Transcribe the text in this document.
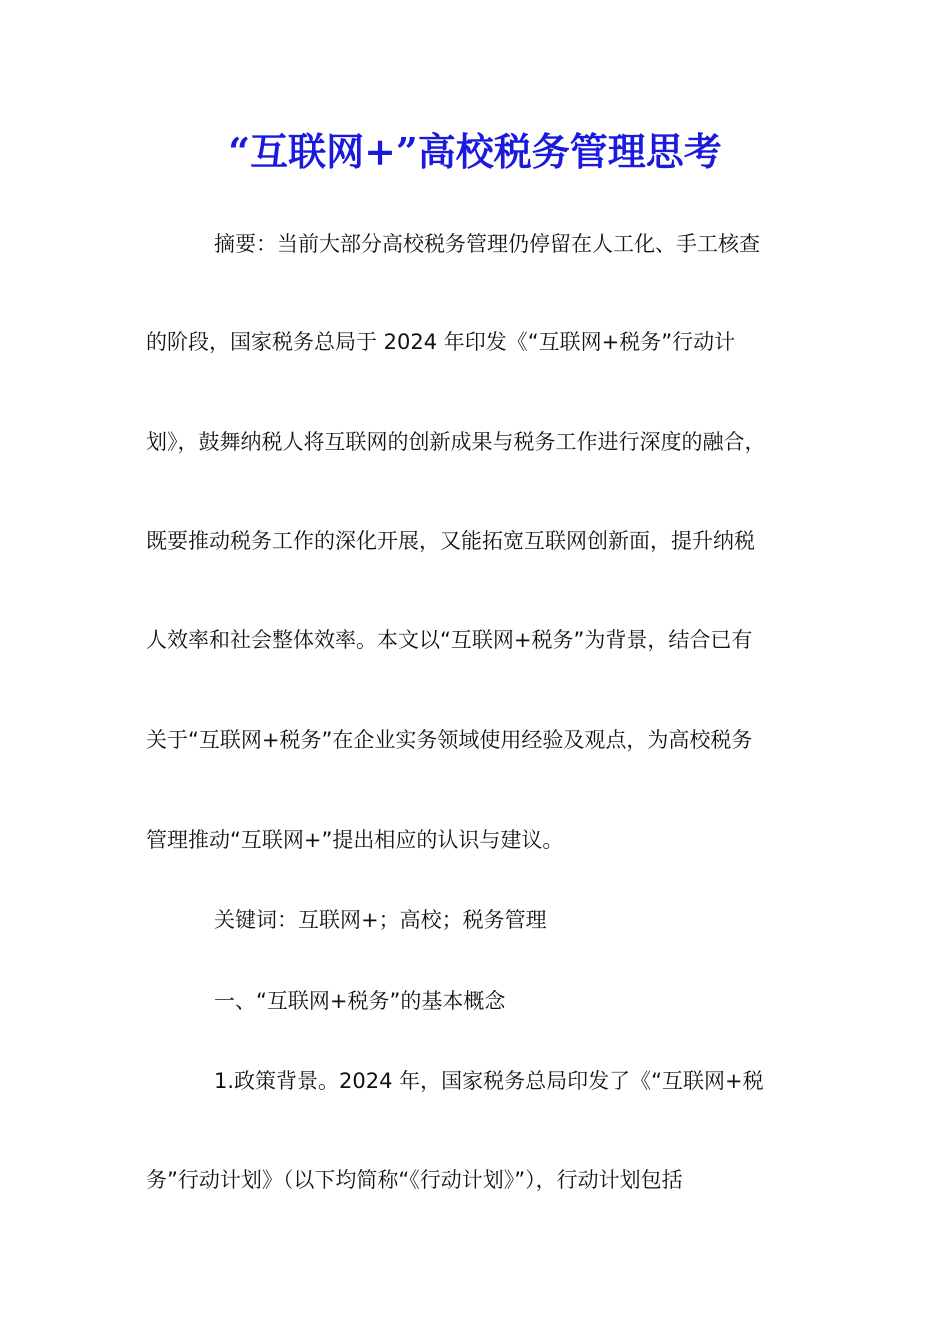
“互联网+”高校税务管理思考
摘要：当前大部分高校税务管理仍停留在人工化、手工核查
的阶段，国家税务总局于 2024 年印发《“互联网+税务”行动计
划》，鼓舞纳税人将互联网的创新成果与税务工作进行深度的融合，
既要推动税务工作的深化开展，又能拓宽互联网创新面，提升纳税
人效率和社会整体效率。本文以“互联网+税务”为背景，结合已有
关于“互联网+税务”在企业实务领域使用经验及观点，为高校税务
管理推动“互联网+”提出相应的认识与建议。
关键词：互联网+；高校；税务管理
一、“互联网+税务”的基本概念
1.政策背景。2024 年，国家税务总局印发了《“互联网+税
务”行动计划》（以下均简称“《行动计划》”），行动计划包括
